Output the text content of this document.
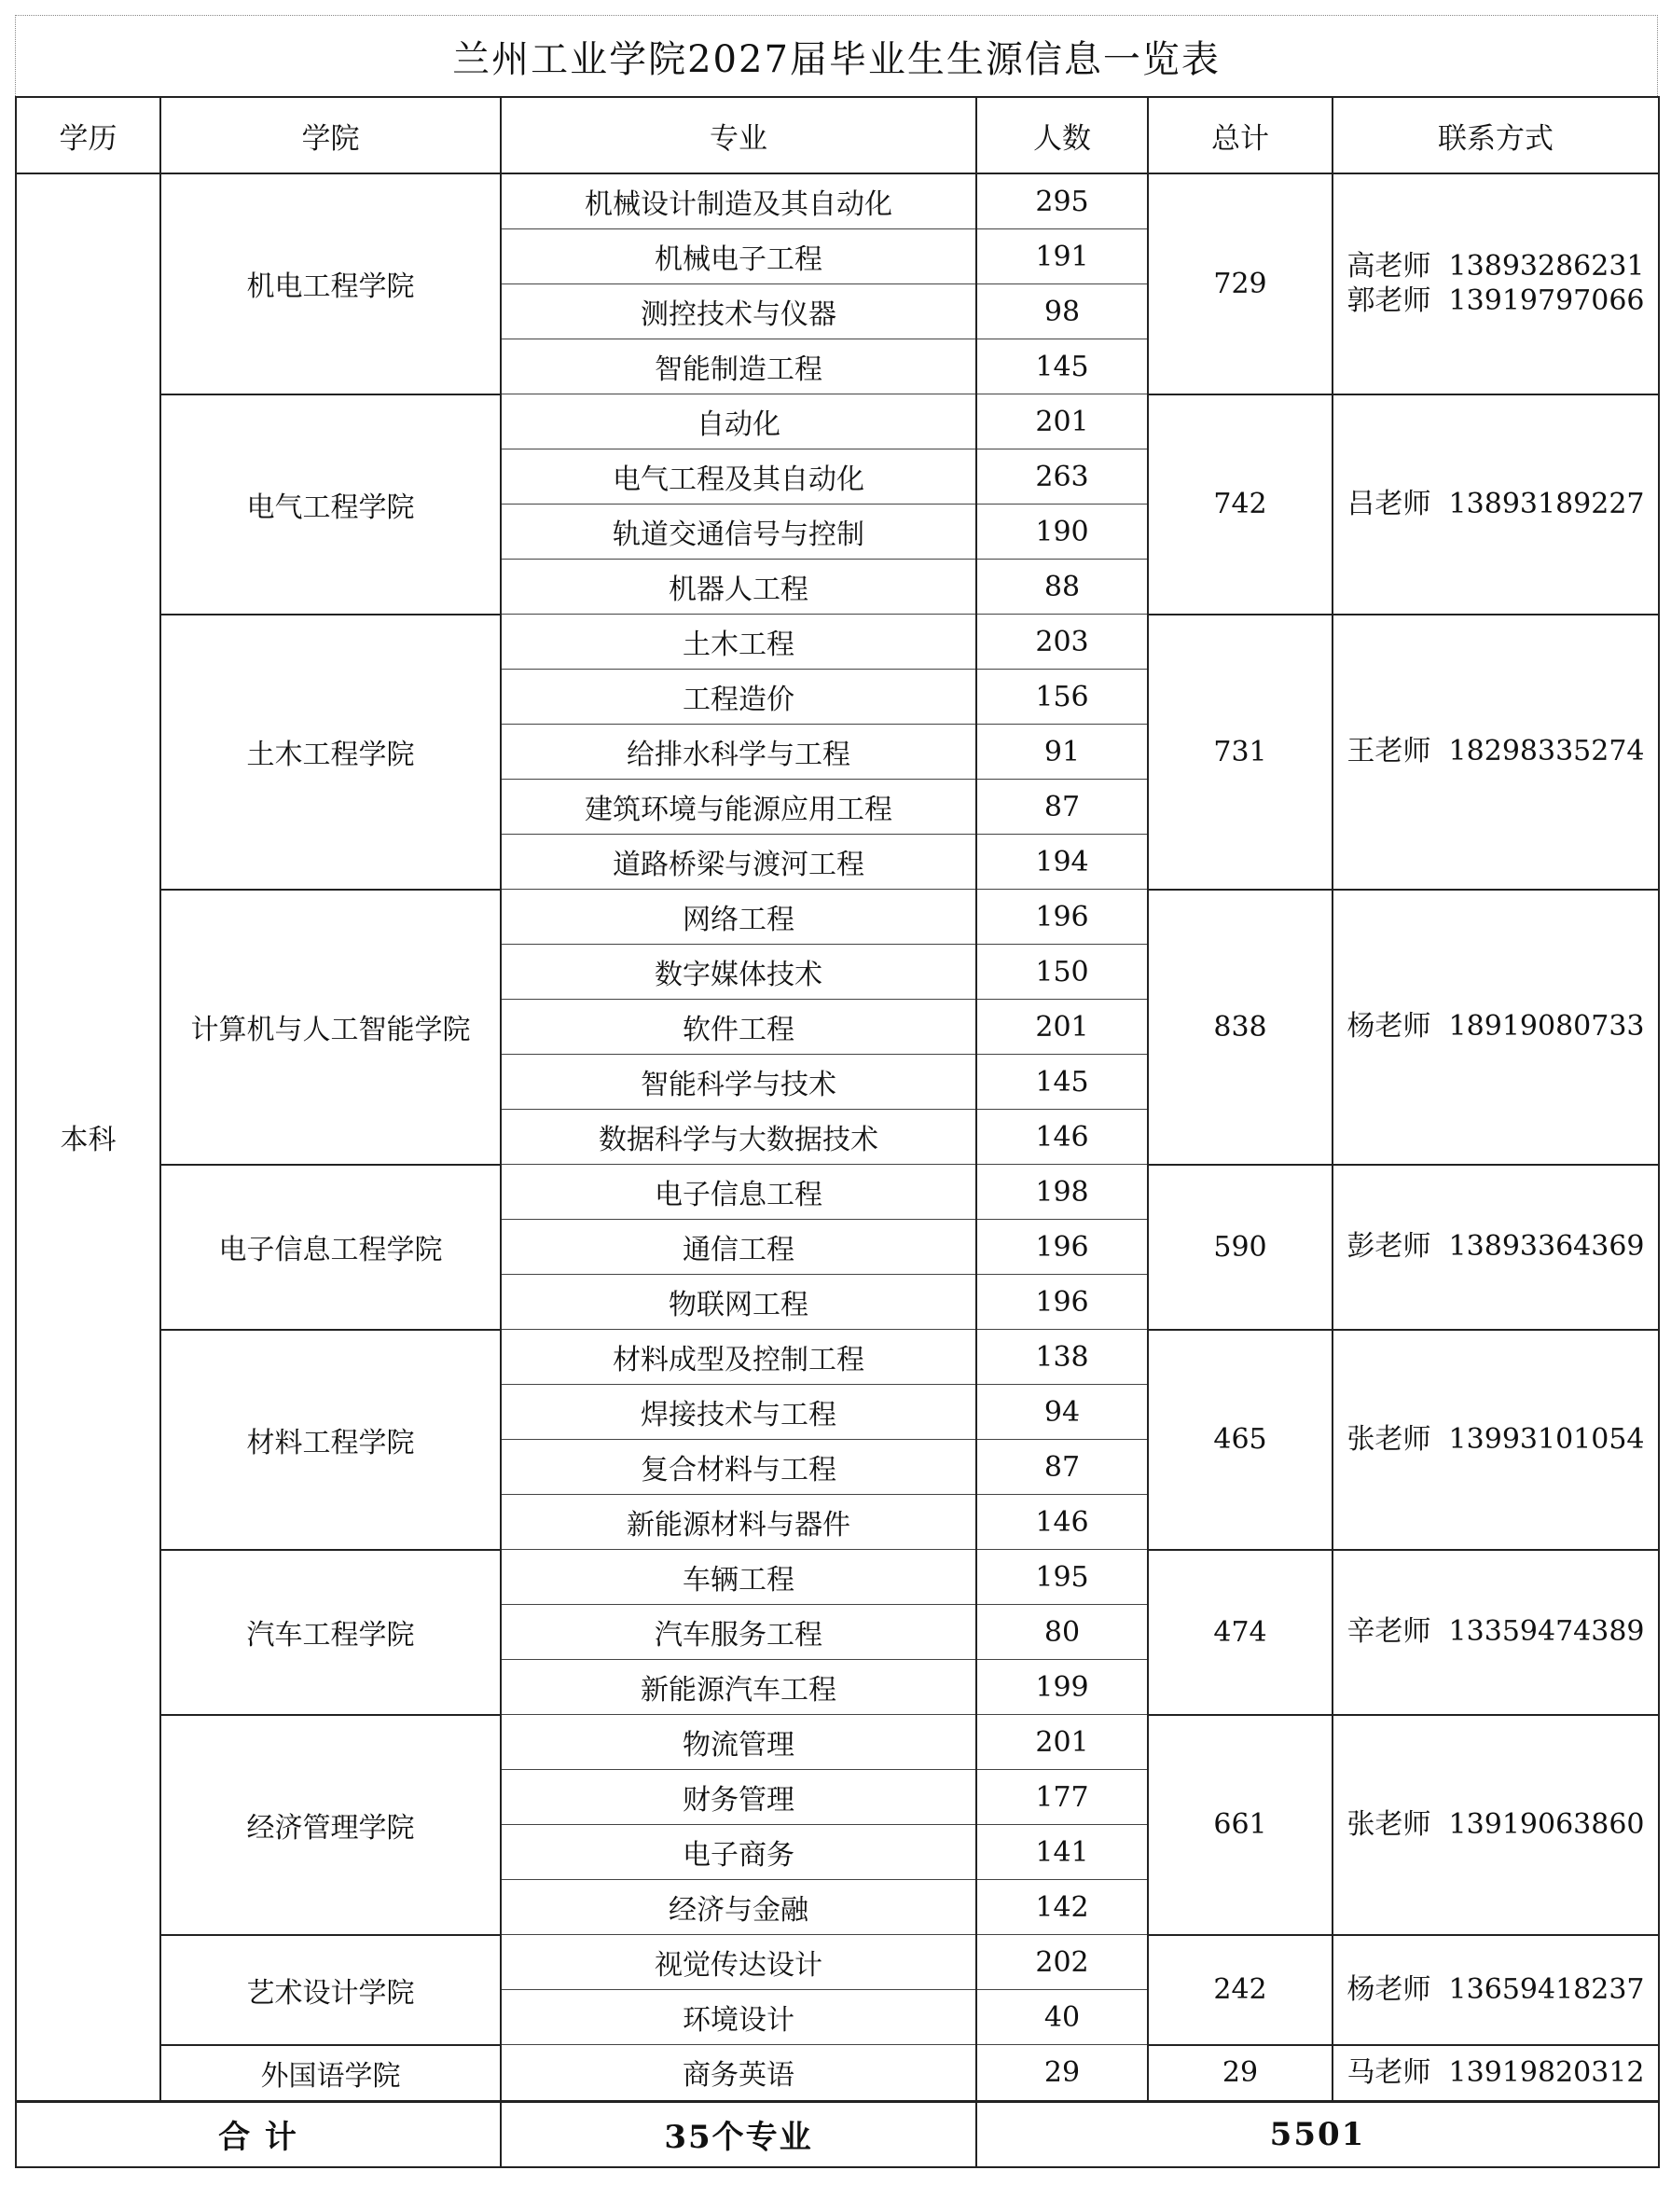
兰州工业学院2027届毕业生生源信息一览表
学历	学院	专业	人数	总计	联系方式
本科	机电工程学院	机械设计制造及其自动化	295	729	高老师  13893286231
郭老师  13919797066

		机械电子工程	191		
		测控技术与仪器	98		
		智能制造工程	145		
	电气工程学院	自动化	201	742	吕老师  13893189227

		电气工程及其自动化	263		
		轨道交通信号与控制	190		
		机器人工程	88		
	土木工程学院	土木工程	203	731	王老师  18298335274

		工程造价	156		
		给排水科学与工程	91		
		建筑环境与能源应用工程	87		
		道路桥梁与渡河工程	194		
	计算机与人工智能学院	网络工程	196	838	杨老师  18919080733

		数字媒体技术	150		
		软件工程	201		
		智能科学与技术	145		
		数据科学与大数据技术	146		
	电子信息工程学院	电子信息工程	198	590	彭老师  13893364369

		通信工程	196		
		物联网工程	196		
	材料工程学院	材料成型及控制工程	138	465	张老师  13993101054

		焊接技术与工程	94		
		复合材料与工程	87		
		新能源材料与器件	146		
	汽车工程学院	车辆工程	195	474	辛老师  13359474389

		汽车服务工程	80		
		新能源汽车工程	199		
	经济管理学院	物流管理	201	661	张老师  13919063860

		财务管理	177		
		电子商务	141		
		经济与金融	142		
	艺术设计学院	视觉传达设计	202	242	杨老师  13659418237

		环境设计	40		
	外国语学院	商务英语	29	29	马老师  13919820312

合 计		35个专业	5501		
